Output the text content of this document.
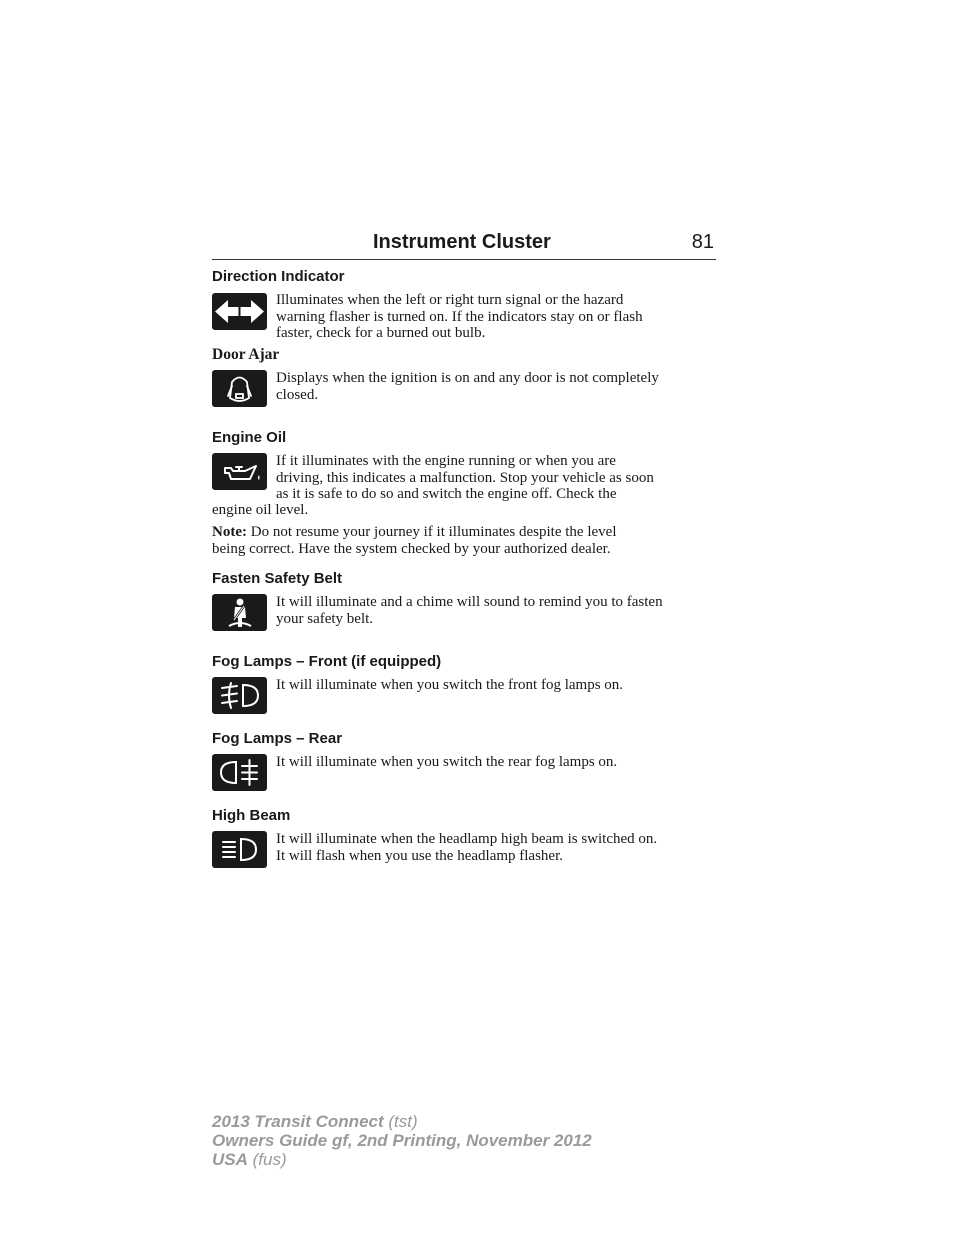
Instrument Cluster	81
Direction Indicator

Illuminates when the left or right turn signal or the hazard
warning flasher is turned on. If the indicators stay on or flash
faster, check for a burned out bulb.

Door Ajar

Displays when the ignition is on and any door is not completely
closed.

Engine Oil

If it illuminates with the engine running or when you are
driving, this indicates a malfunction. Stop your vehicle as soon
as it is safe to do so and switch the engine off. Check the

engine oil level.

Note: Do not resume your journey if it illuminates despite the level
being correct. Have the system checked by your authorized dealer.

Fasten Safety Belt

It will illuminate and a chime will sound to remind you to fasten
your safety belt.

Fog Lamps – Front (if equipped)

It will illuminate when you switch the front fog lamps on.

Fog Lamps – Rear

It will illuminate when you switch the rear fog lamps on.

High Beam

It will illuminate when the headlamp high beam is switched on.
It will flash when you use the headlamp flasher.

2013 Transit Connect (tst)
Owners Guide gf, 2nd Printing, November 2012
USA (fus)
